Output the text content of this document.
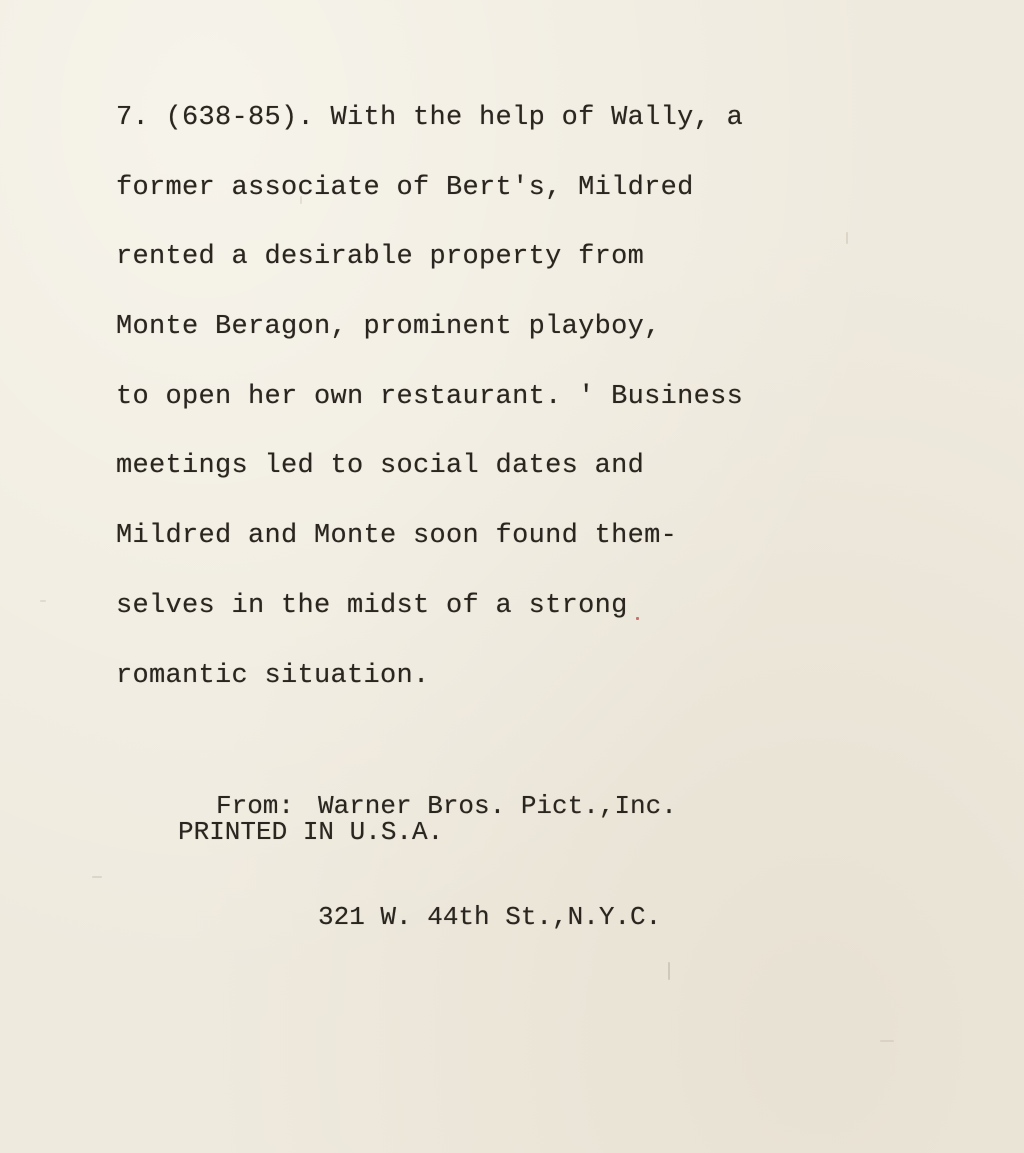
7. (638-85). With the help of Wally, a
former associate of Bert's, Mildred
rented a desirable property from
Monte Beragon, prominent playboy,
to open her own restaurant. ' Business
meetings led to social dates and
Mildred and Monte soon found them-
selves in the midst of a strong
romantic situation.

From: Warner Bros. Pict.,Inc.

321 W. 44th St.,N.Y.C.

PRINTED IN U.S.A.
